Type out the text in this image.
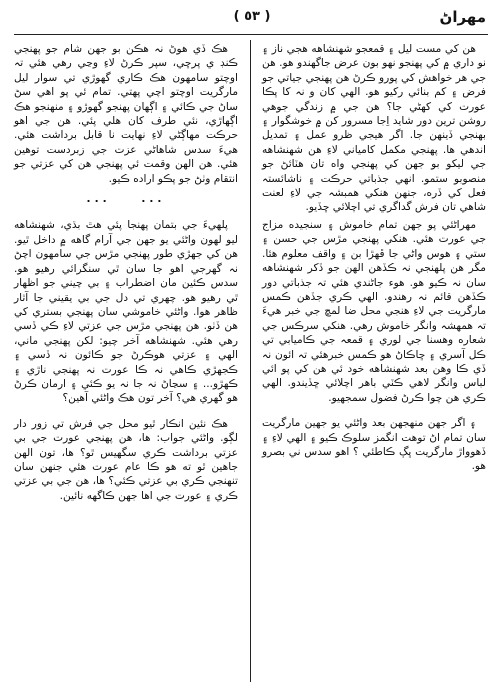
مهراڻ
( ٥٣ )

هن کي مست ليل ۽ قمعجو شهنشاهه هجي ناز ۽ نو داري ۾ کي پهنجو نهو بون عرض جاگهندو هو. هن جي هر خواهش کي پورو ڪرڻ هن پهنجي جياتي جو فرض ۽ کم بنائي رکيو هو. الهي کان و نہ کا پڪا عورت کي کهڻي جا؟ هن جي ۾ زندگي جوهي روشن ترين دور شايد اِجا مسرور کن ۾ خوشگوار ۽ بهنجي ڏينهن جا. اگر هيجي ظرو عمل ۽ تمديل اندهي ها. پهنجي مکمل کامياني لاءِ هن شهنشاهه جي ليکو بو جهن کي پهنجي واه تان هٽائڻ جو منصوبو ستمو. انهي جذباتي حرڪت ۽ ناشائستہ فعل کي ڏره، جنهن هنکي همبشہ جي لاءِ لعنت شاهي تان فرش گداگري تي اچلائي ڇڏيو.

مهراڻئي پو جهن تمام خاموش ۽ سنجيده مزاج جي عورت هئي. هنکي پهنجي مڙس جي حسن ۽ ستي ۽ هوس واڻي جا ڦهڙا بن ۽ واقف معلوم هئا. مگر هن پلهنجي نہ ڪڏهن الهن جو ڏکر شهنشاهه سان نہ ڪيو هو. هوء جاڻندي هئي تہ جذباتي دور ڪڏهن قائم نہ رهندو. الهي ڪري جڏهن ڪمس مارگريت جي لاءِ هنجي محل ضا لمڇ جي خبر هيءَ تہ همهشہ وانگر خاموش رهي. هنکي سرڪس جي شعاره وهسنا جي لوري ۽ قمعہ جي ڪاميابي تي ڪل آسري ۽ ڇاڪاڻ هو ڪمس خبرهئي تہ ائون نہ ڏي ڪا وهن بعد شهنشاهه خود ئي هن کي پو ائي لباس وانگر لاهي ڪٽي باهر اچلائي ڇڏيندو. الهي ڪري هن چوا ڪرڻ فضول سمجهيو.

۽ اگر جهن منهجهن بعد واڻئي يو جهين مارگريت سان تمام اڻ توهت انگمز سلوڪ ڪيو ۽ الهي لاءِ ۽ ڏهوواڙ مارگريت ڀڳ ڪاطئي ؟ اهو سدس ني بصرو هو.

هڪ ڏي هوڻ نہ هڪن بو جهن شام جو پهنجي ڪنڊ ي پرڇي، سپر ڪرڻ لاءِ وڃي رهي هئي تہ اوچتو سامهون هڪ ڪاري گهوڙي تي سوار ليل مارگريت اوچتو اچي پهتي. تمام ئي پو اهي سڻ ساڻ جي ڪائي ۽ اڳهان پهنجو گهوڙو ۽ منهنجو هڪ اڳهاڙي، نئي طرف کان هلي پئي. هن جي اهو حرڪت مهاڳڻي لاءِ نهايت نا قابل برداشت هئي. هيءَ سدس شاهاڻي عزت جي زبردست توهين هئي. هن الهن وقمت ئي پهنجي هن کي عزتي جو انتقام وٺڻ جو پڪو اراده ڪيو.

...    ...

پلهيءَ جي بتمان پهنجا پئي هٿ بڌي، شهنشاهه ليو لهون واڻئي يو جهن جي آرام گاهه ۾ داخل ٿيو. هن کي جهڙي طور پهنجي مڙس جي سامهون اچڻ نہ گهرجي اهو جا سان ٿي سنگرائي رهيو هو. سدس ڪئين مان اضطراب ۽ بي چيني جو اظهار ٿي رهيو هو. چهري تي دل جي بي يقيني جا آثار ظاهر هوا. واڻئي خاموشي سان پهنجي بستري کي هن ڏٺو. هن پهنجي مڙس جي عزتي لاءِ ڪي ڏسي رهي هئي. شهنشاهه آخر چيو: لکن پهنجي ماني، الهي ۽ عزتي هوڪرڻ جو ڪائون نہ ڏسي ۽ ڪجهڙي ڪاهي نہ ڪا عورت نہ پهنجي ناڙي ۽ ڪهڙو... ۽ سڃاڻ نہ جا نہ يو ڪئي ۽ ارمان ڪرڻ هو گهري هي؟ آخر تون هڪ واڻئي آهين؟

هڪ نئين انڪار ٿيو محل جي فرش تي زور دار لڳو. واڻئي جواب: ها، هن پهنجي عورت جي بي عزتي برداشت ڪري سگهيس ٿو؟ ها، تون الهن جاهين ٿو ته هو ڪا عام عورت هئي جنهن سان تنهنجي ڪري بي عزتي ڪئي؟ ها، هن جي بي عزتي ڪري ۽ عورت جي اها جهن ڪاگهه نائين.
